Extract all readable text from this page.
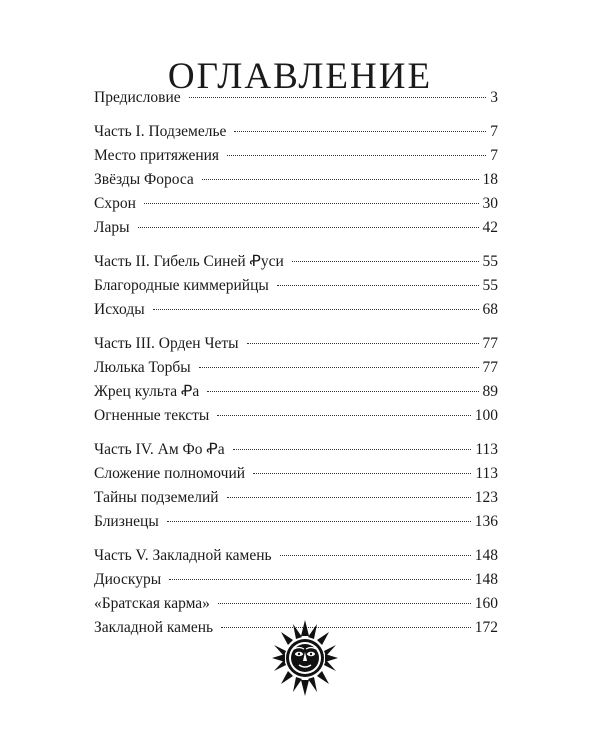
ОГЛАВЛЕНИЕ
Предисловие	3
Часть I. Подземелье	7
Место притяжения	7
Звёзды Фороса	18
Схрон	30
Лары	42
Часть II. Гибель Синей Ꝓуси	55
Благородные киммерийцы	55
Исходы	68
Часть III. Орден Четы	77
Люлька Торбы	77
Жрец культа Ꝓа	89
Огненные тексты	100
Часть IV. Ам Фо Ꝓа	113
Сложение полномочий	113
Тайны подземелий	123
Близнецы	136
Часть V. Закладной камень	148
Диоскуры	148
«Братская карма»	160
Закладной камень	172
